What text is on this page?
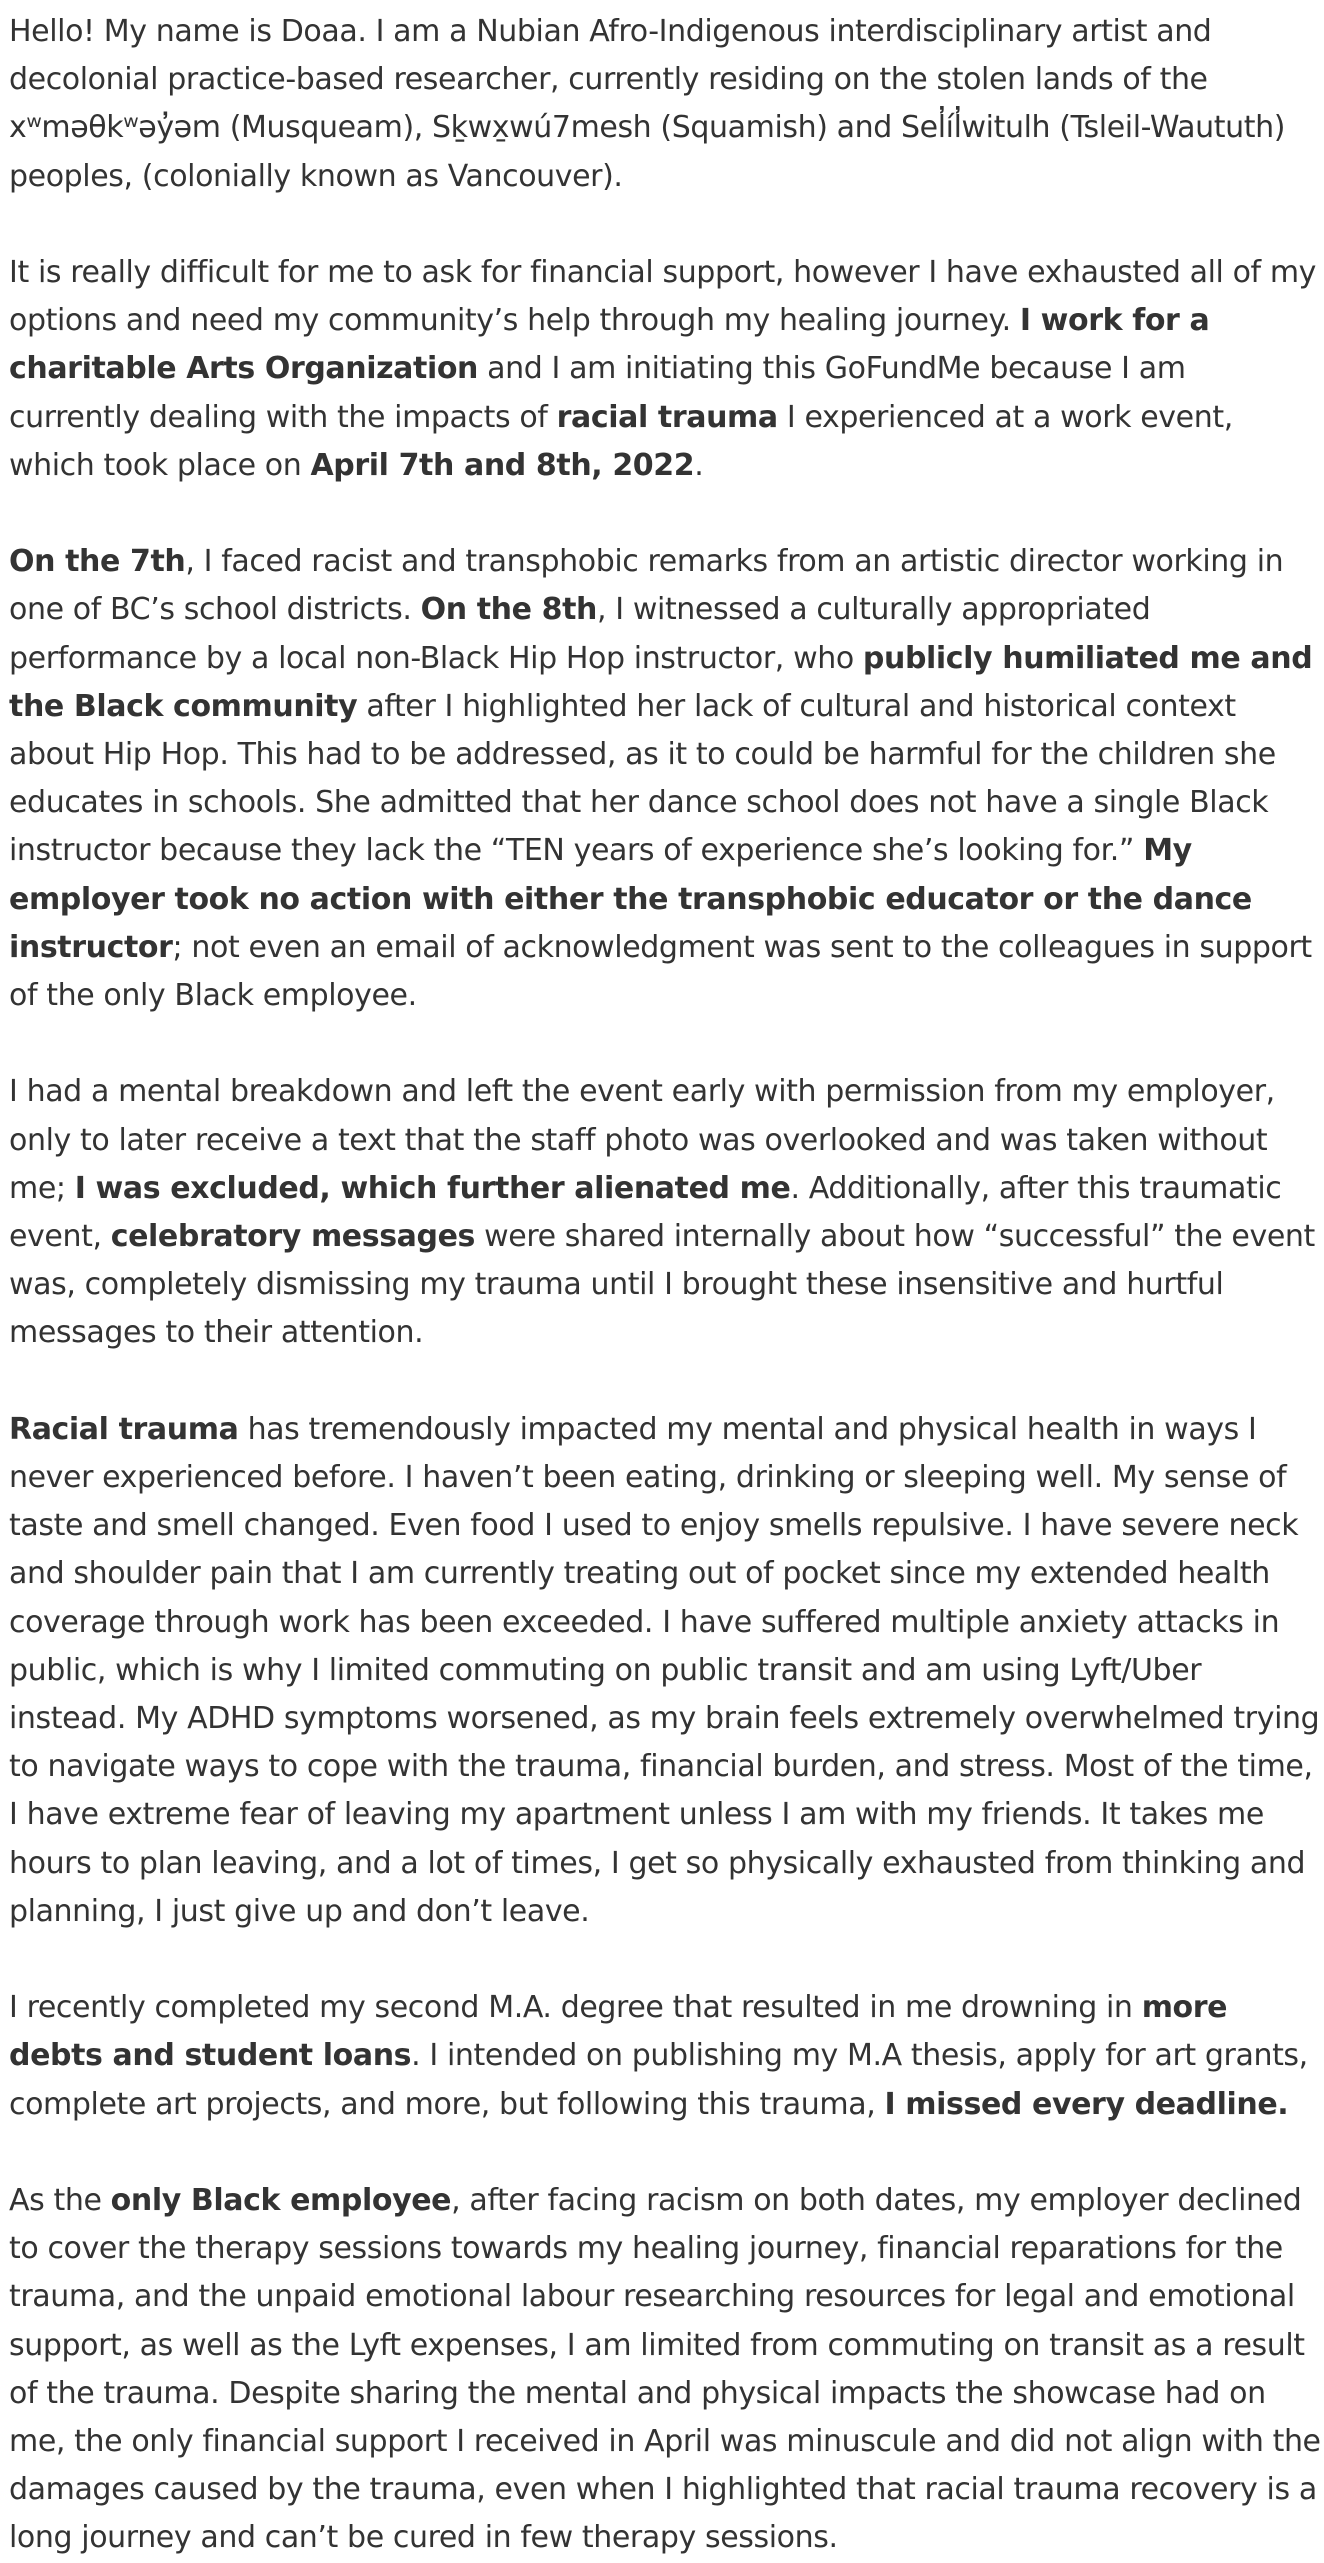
Hello! My name is Doaa. I am a Nubian Afro-Indigenous interdisciplinary artist and decolonial practice-based researcher, currently residing on the stolen lands of the xʷməθkʷəy̓əm (Musqueam), Sḵwx̱wú7mesh (Squamish) and Sel̓íl̓witulh (Tsleil-Waututh) peoples, (colonially known as Vancouver).

It is really difficult for me to ask for financial support, however I have exhausted all of my options and need my community’s help through my healing journey. I work for a charitable Arts Organization and I am initiating this GoFundMe because I am currently dealing with the impacts of racial trauma I experienced at a work event, which took place on April 7th and 8th, 2022.

On the 7th, I faced racist and transphobic remarks from an artistic director working in one of BC’s school districts. On the 8th, I witnessed a culturally appropriated performance by a local non-Black Hip Hop instructor, who publicly humiliated me and the Black community after I highlighted her lack of cultural and historical context about Hip Hop. This had to be addressed, as it to could be harmful for the children she educates in schools. She admitted that her dance school does not have a single Black instructor because they lack the “TEN years of experience she’s looking for.” My employer took no action with either the transphobic educator or the dance instructor; not even an email of acknowledgment was sent to the colleagues in support of the only Black employee.

I had a mental breakdown and left the event early with permission from my employer, only to later receive a text that the staff photo was overlooked and was taken without me; I was excluded, which further alienated me. Additionally, after this traumatic event, celebratory messages were shared internally about how “successful” the event was, completely dismissing my trauma until I brought these insensitive and hurtful messages to their attention.

Racial trauma has tremendously impacted my mental and physical health in ways I never experienced before. I haven’t been eating, drinking or sleeping well. My sense of taste and smell changed. Even food I used to enjoy smells repulsive. I have severe neck and shoulder pain that I am currently treating out of pocket since my extended health coverage through work has been exceeded. I have suffered multiple anxiety attacks in public, which is why I limited commuting on public transit and am using Lyft/Uber instead. My ADHD symptoms worsened, as my brain feels extremely overwhelmed trying to navigate ways to cope with the trauma, financial burden, and stress. Most of the time, I have extreme fear of leaving my apartment unless I am with my friends. It takes me hours to plan leaving, and a lot of times, I get so physically exhausted from thinking and planning, I just give up and don’t leave.

I recently completed my second M.A. degree that resulted in me drowning in more debts and student loans. I intended on publishing my M.A thesis, apply for art grants, complete art projects, and more, but following this trauma, I missed every deadline.

As the only Black employee, after facing racism on both dates, my employer declined to cover the therapy sessions towards my healing journey, financial reparations for the trauma, and the unpaid emotional labour researching resources for legal and emotional support, as well as the Lyft expenses, I am limited from commuting on transit as a result of the trauma. Despite sharing the mental and physical impacts the showcase had on me, the only financial support I received in April was minuscule and did not align with the damages caused by the trauma, even when I highlighted that racial trauma recovery is a long journey and can’t be cured in few therapy sessions.
